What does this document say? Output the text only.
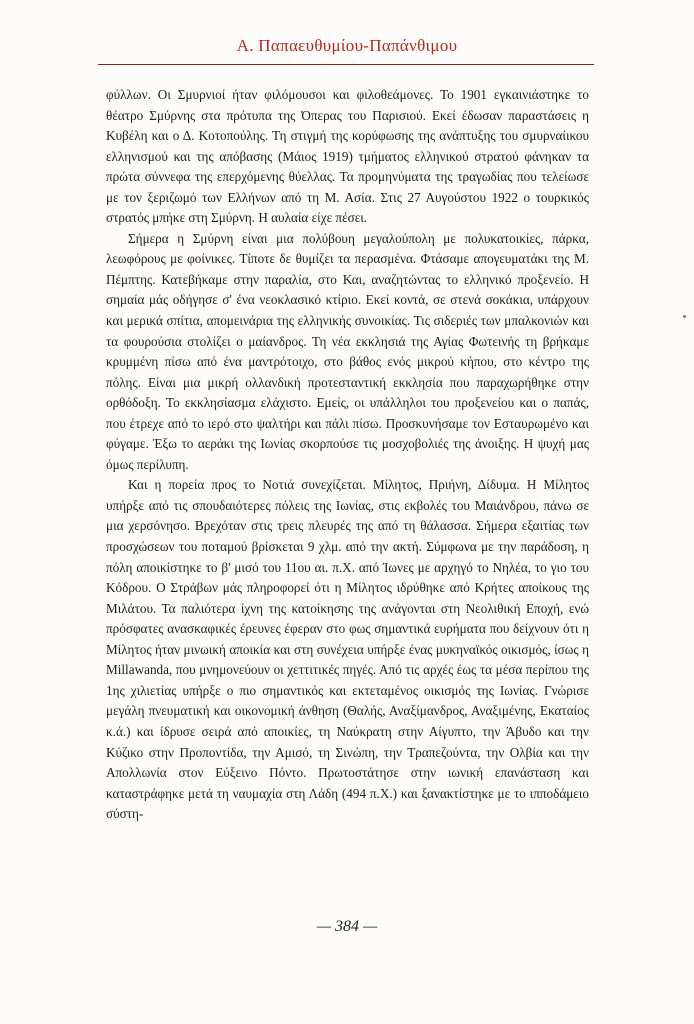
Α. Παπαευθυμίου-Παπάνθιμου

φύλλων. Οι Σμυρνιοί ήταν φιλόμουσοι και φιλοθεάμονες. Το 1901 εγκαινιάστηκε το θέατρο Σμύρνης στα πρότυπα της Όπερας του Παρισιού. Εκεί έδωσαν παραστάσεις η Κυβέλη και ο Δ. Κοτοπούλης. Τη στιγμή της κορύφωσης της ανάπτυξης του σμυρναίικου ελληνισμού και της απόβασης (Μάιος 1919) τμήματος ελληνικού στρατού φάνηκαν τα πρώτα σύννεφα της επερχόμενης θύελλας. Τα προμηνύματα της τραγωδίας που τελείωσε με τον ξεριζωμό των Ελλήνων από τη Μ. Ασία. Στις 27 Αυγούστου 1922 ο τουρκικός στρατός μπήκε στη Σμύρνη. Η αυλαία είχε πέσει.

Σήμερα η Σμύρνη είναι μια πολύβουη μεγαλούπολη με πολυκατοικίες, πάρκα, λεωφόρους με φοίνικες. Τίποτε δε θυμίζει τα περασμένα. Φτάσαμε απογευματάκι της Μ. Πέμπτης. Κατεβήκαμε στην παραλία, στο Και, αναζητώντας το ελληνικό προξενείο. Η σημαία μάς οδήγησε σ' ένα νεοκλασικό κτίριο. Εκεί κοντά, σε στενά σοκάκια, υπάρχουν και μερικά σπίτια, απομεινάρια της ελληνικής συνοικίας. Τις σιδεριές των μπαλκονιών και τα φουρούσια στολίζει ο μαίανδρος. Τη νέα εκκλησιά της Αγίας Φωτεινής τη βρήκαμε κρυμμένη πίσω από ένα μαντρότοιχο, στο βάθος ενός μικρού κήπου, στο κέντρο της πόλης. Είναι μια μικρή ολλανδική προτεσταντική εκκλησία που παραχωρήθηκε στην ορθόδοξη. Το εκκλησίασμα ελάχιστο. Εμείς, οι υπάλληλοι του προξενείου και ο παπάς, που έτρεχε από το ιερό στο ψαλτήρι και πάλι πίσω. Προσκυνήσαμε τον Εσταυρωμένο και φύγαμε. Έξω το αεράκι της Ιωνίας σκορπούσε τις μοσχοβολιές της άνοιξης. Η ψυχή μας όμως περίλυπη.

Και η πορεία προς το Νοτιά συνεχίζεται. Μίλητος, Πριήνη, Δίδυμα. Η Μίλητος υπήρξε από τις σπουδαιότερες πόλεις της Ιωνίας, στις εκβολές του Μαιάνδρου, πάνω σε μια χερσόνησο. Βρεχόταν στις τρεις πλευρές της από τη θάλασσα. Σήμερα εξαιτίας των προσχώσεων του ποταμού βρίσκεται 9 χλμ. από την ακτή. Σύμφωνα με την παράδοση, η πόλη αποικίστηκε το β' μισό του 11ου αι. π.Χ. από Ίωνες με αρχηγό το Νηλέα, το γιο του Κόδρου. Ο Στράβων μάς πληροφορεί ότι η Μίλητος ιδρύθηκε από Κρήτες αποίκους της Μιλάτου. Τα παλιότερα ίχνη της κατοίκησης της ανάγονται στη Νεολιθική Εποχή, ενώ πρόσφατες ανασκαφικές έρευνες έφεραν στο φως σημαντικά ευρήματα που δείχνουν ότι η Μίλητος ήταν μινωική αποικία και στη συνέχεια υπήρξε ένας μυκηναϊκός οικισμός, ίσως η Millawanda, που μνημονεύουν οι χεττιτικές πηγές. Από τις αρχές έως τα μέσα περίπου της 1ης χιλιετίας υπήρξε ο πιο σημαντικός και εκτεταμένος οικισμός της Ιωνίας. Γνώρισε μεγάλη πνευματική και οικονομική άνθηση (Θαλής, Αναξίμανδρος, Αναξιμένης, Εκαταίος κ.ά.) και ίδρυσε σειρά από αποικίες, τη Ναύκρατη στην Αίγυπτο, την Άβυδο και την Κύζικο στην Προποντίδα, την Αμισό, τη Σινώπη, την Τραπεζούντα, την Ολβία και την Απολλωνία στον Εύξεινο Πόντο. Πρωτοστάτησε στην ιωνική επανάσταση και καταστράφηκε μετά τη ναυμαχία στη Λάδη (494 π.Χ.) και ξανακτίστηκε με το ιπποδάμειο σύστη-

— 384 —
